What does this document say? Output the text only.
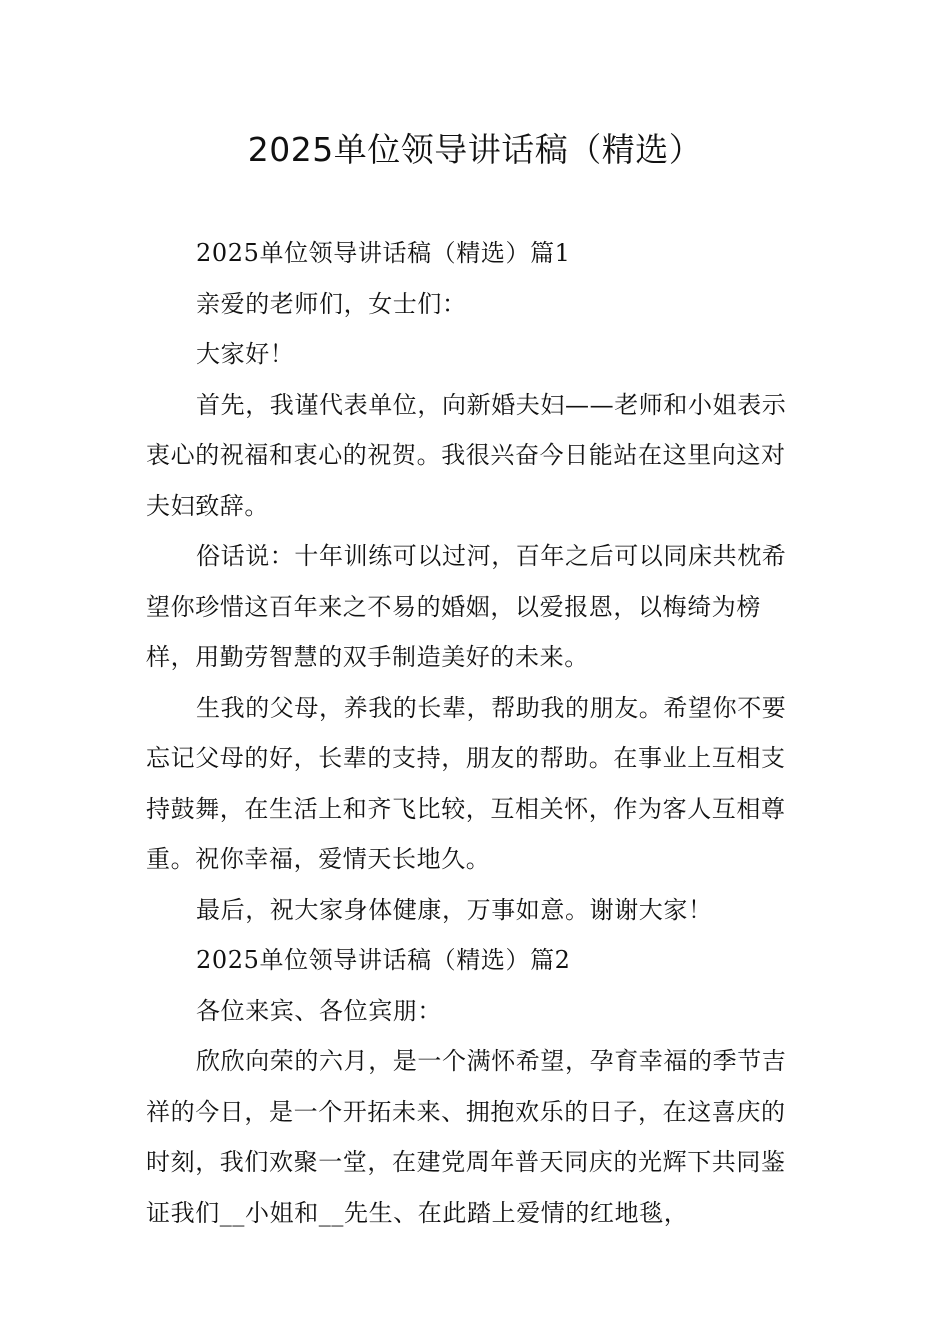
2025单位领导讲话稿（精选）

2025单位领导讲话稿（精选）篇1

亲爱的老师们，女士们：

大家好！

首先，我谨代表单位，向新婚夫妇——老师和小姐表示衷心的祝福和衷心的祝贺。我很兴奋今日能站在这里向这对夫妇致辞。

俗话说：十年训练可以过河，百年之后可以同床共枕希望你珍惜这百年来之不易的婚姻，以爱报恩，以梅绮为榜样，用勤劳智慧的双手制造美好的未来。

生我的父母，养我的长辈，帮助我的朋友。希望你不要忘记父母的好，长辈的支持，朋友的帮助。在事业上互相支持鼓舞，在生活上和齐飞比较，互相关怀，作为客人互相尊重。祝你幸福，爱情天长地久。

最后，祝大家身体健康，万事如意。谢谢大家！

2025单位领导讲话稿（精选）篇2

各位来宾、各位宾朋：

欣欣向荣的六月，是一个满怀希望，孕育幸福的季节吉祥的今日，是一个开拓未来、拥抱欢乐的日子，在这喜庆的时刻，我们欢聚一堂，在建党周年普天同庆的光辉下共同鉴证我们__小姐和__先生、在此踏上爱情的红地毯，
